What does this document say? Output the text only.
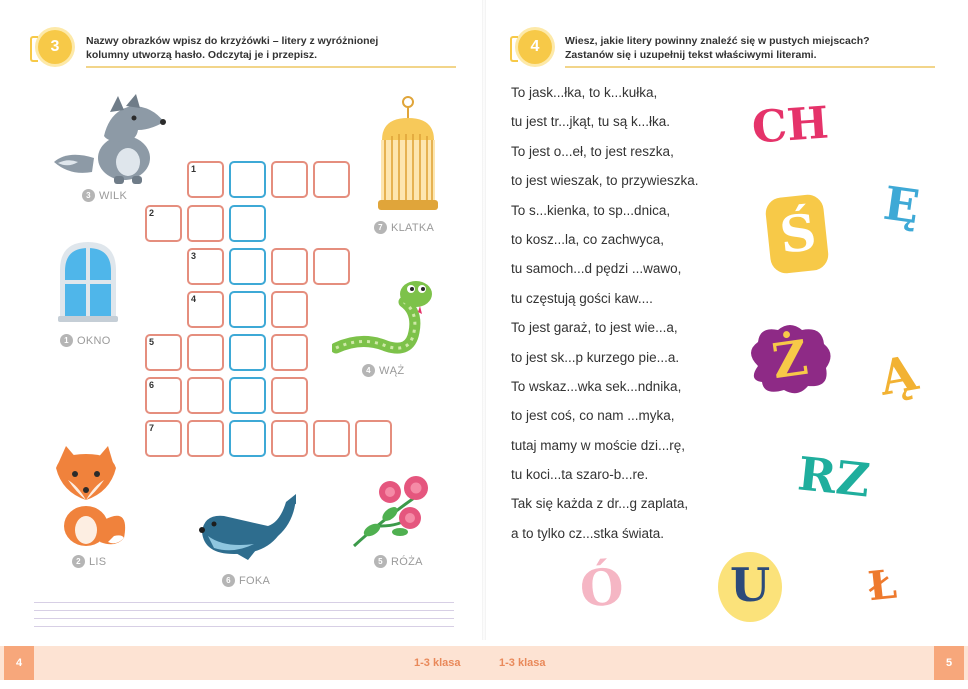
3	Nazwy obrazków wpisz do krzyżówki – litery z wyróżnionej
kolumny utworzą hasło. Odczytaj je i przepisz.
1
2
3
4
5
6
7
3 WILK
7 KLATKA
1 OKNO
4 WĄŻ
2 LIS
6 FOKA
5 RÓŻA
4 Wiesz, jakie litery powinny znaleźć się w pustych miejscach?
Zastanów się i uzupełnij tekst właściwymi literami.
To jask...łka, to k...kułka,
tu jest tr...jkąt, tu są k...łka.
To jest o...eł, to jest reszka,
to jest wieszak, to przywieszka.
To s...kienka, to sp...dnica,
to kosz...la, co zachwyca,
tu samoch...d pędzi ...wawo,
tu częstują gości kaw....
To jest garaż, to jest wie...a,
to jest sk...p kurzego pie...a.
To wskaz...wka sek...ndnika,
to jest coś, co nam ...myka,
tutaj mamy w moście dzi...rę,
tu koci...ta szaro-b...re.
Tak się każda z dr...g zaplata,
a to tylko cz...stka świata.
CH
Ę
Ś
Ż Ą
RZ
Ó U Ł
4	5
1-3 klasa	1-3 klasa
